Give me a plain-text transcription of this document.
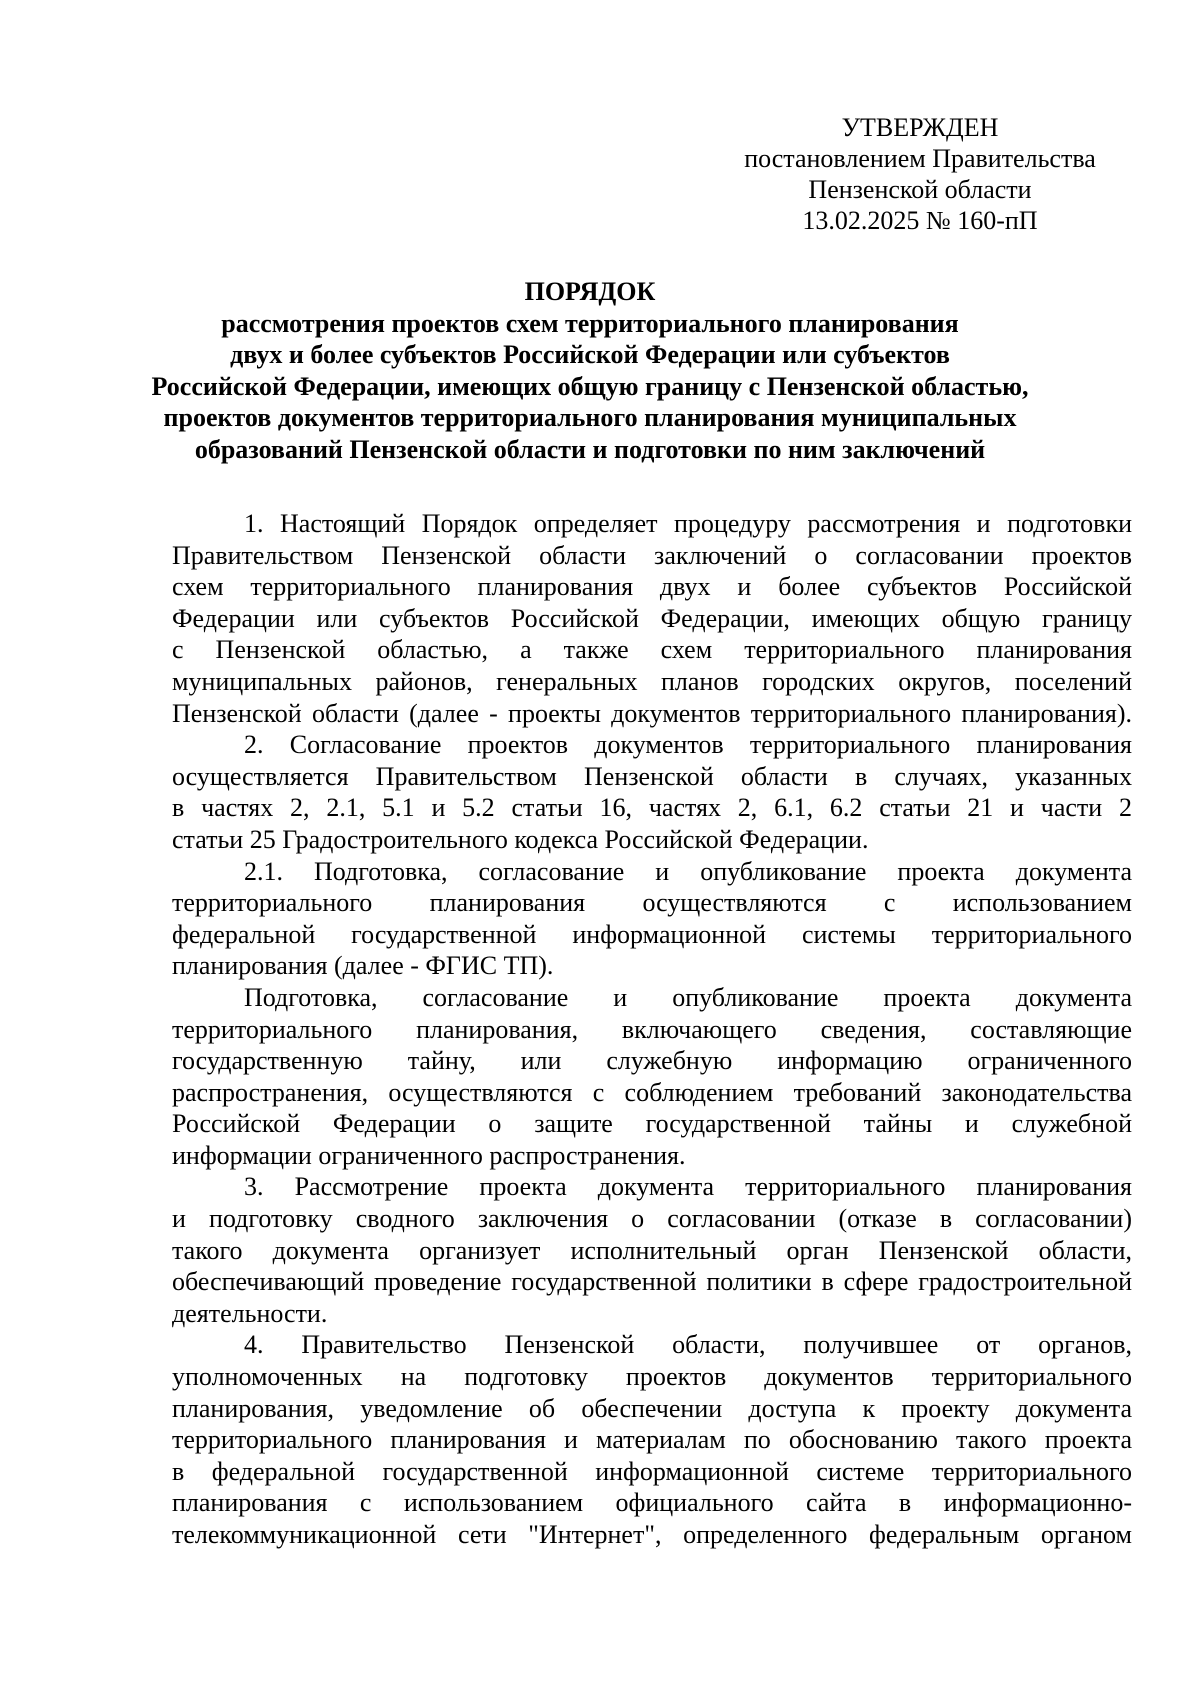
УТВЕРЖДЕН
постановлением Правительства
Пензенской области
13.02.2025 № 160-пП
ПОРЯДОК
рассмотрения проектов схем территориального планирования
двух и более субъектов Российской Федерации или субъектов
Российской Федерации, имеющих общую границу с Пензенской областью,
проектов документов территориального планирования муниципальных
образований Пензенской области и подготовки по ним заключений
1. Настоящий Порядок определяет процедуру рассмотрения и подготовки
Правительством Пензенской области заключений о согласовании проектов
схем территориального планирования двух и более субъектов Российской
Федерации или субъектов Российской Федерации, имеющих общую границу
с Пензенской областью, а также схем территориального планирования
муниципальных районов, генеральных планов городских округов, поселений
Пензенской области (далее - проекты документов территориального планирования).
2. Согласование проектов документов территориального планирования
осуществляется Правительством Пензенской области в случаях, указанных
в частях 2, 2.1, 5.1 и 5.2 статьи 16, частях 2, 6.1, 6.2 статьи 21 и части 2
статьи 25 Градостроительного кодекса Российской Федерации.
2.1. Подготовка, согласование и опубликование проекта документа
территориального планирования осуществляются с использованием
федеральной государственной информационной системы территориального
планирования (далее - ФГИС ТП).
Подготовка, согласование и опубликование проекта документа
территориального планирования, включающего сведения, составляющие
государственную тайну, или служебную информацию ограниченного
распространения, осуществляются с соблюдением требований законодательства
Российской Федерации о защите государственной тайны и служебной
информации ограниченного распространения.
3. Рассмотрение проекта документа территориального планирования
и подготовку сводного заключения о согласовании (отказе в согласовании)
такого документа организует исполнительный орган Пензенской области,
обеспечивающий проведение государственной политики в сфере градостроительной
деятельности.
4. Правительство Пензенской области, получившее от органов,
уполномоченных на подготовку проектов документов территориального
планирования, уведомление об обеспечении доступа к проекту документа
территориального планирования и материалам по обоснованию такого проекта
в федеральной государственной информационной системе территориального
планирования с использованием официального сайта в информационно-
телекоммуникационной сети "Интернет", определенного федеральным органом
